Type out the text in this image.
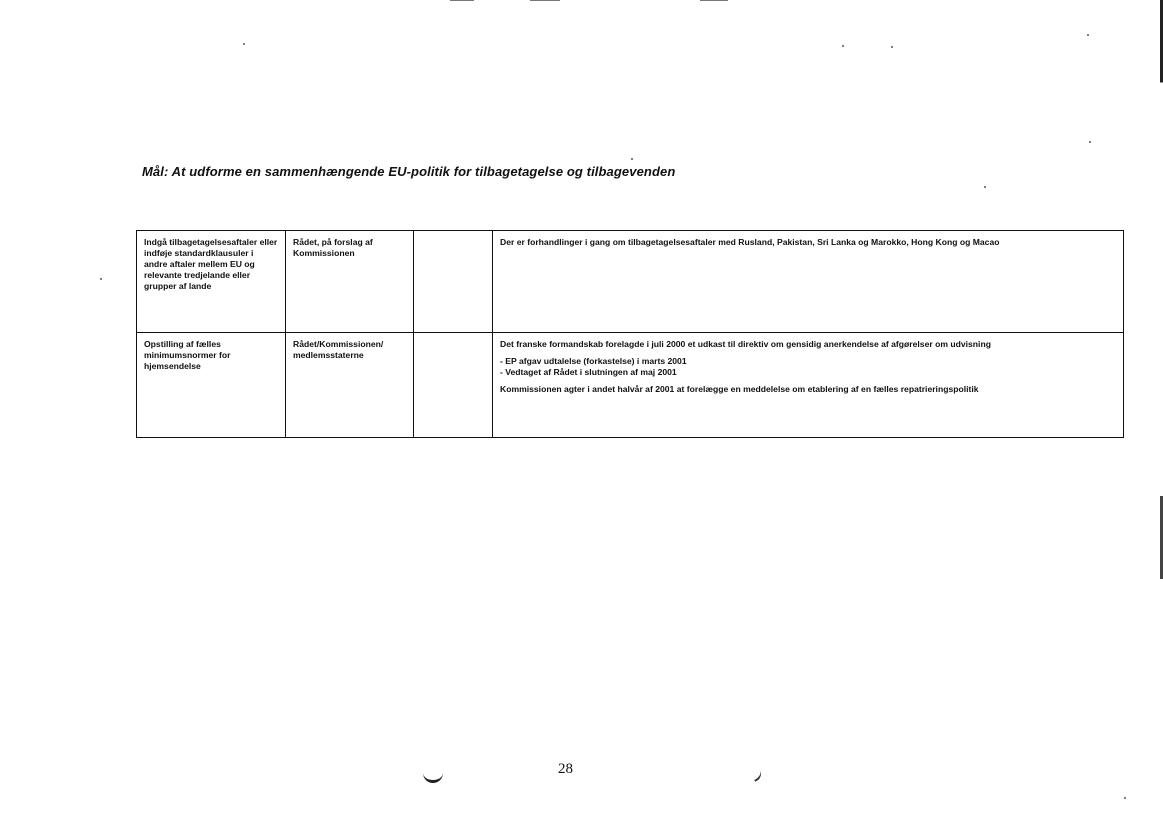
Mål: At udforme en sammenhængende EU-politik for tilbagetagelse og tilbagevenden
Indgå tilbagetagelsesaftaler eller indføje standardklausuler i andre aftaler mellem EU og relevante tredjelande eller grupper af lande	Rådet, på forslag af Kommissionen		Der er forhandlinger i gang om tilbagetagelsesaftaler med Rusland, Pakistan, Sri Lanka og Marokko, Hong Kong og Macao

Opstilling af fælles minimumsnormer for hjemsendelse	Rådet/Kommissionen/ medlemsstaterne		Det franske formandskab forelagde i juli 2000 et udkast til direktiv om gensidig anerkendelse af afgørelser om udvisning
- EP afgav udtalelse (forkastelse) i marts 2001
- Vedtaget af Rådet i slutningen af maj 2001
Kommissionen agter i andet halvår af 2001 at forelægge en meddelelse om etablering af en fælles repatrieringspolitik
28
